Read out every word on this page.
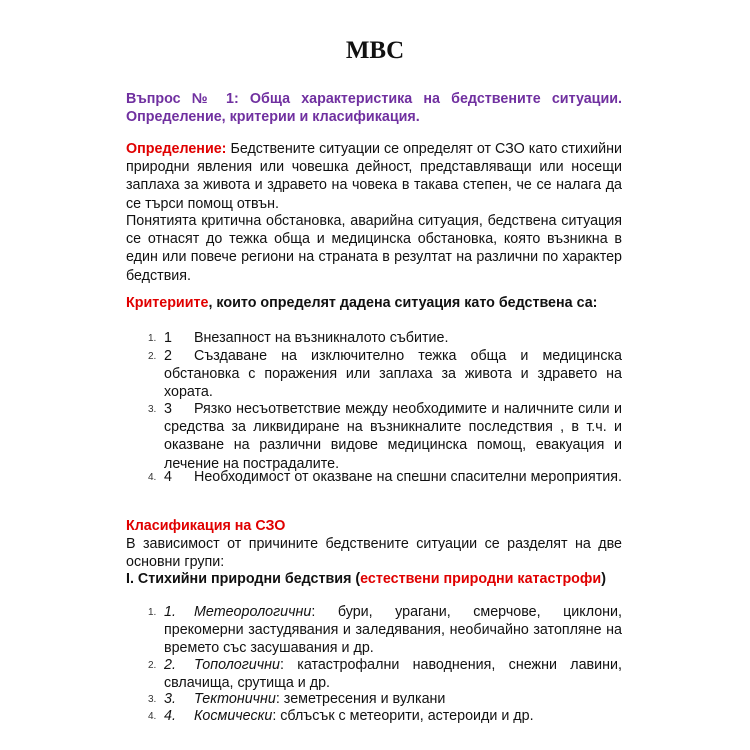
МВС
Въпрос № 1: Обща характеристика на бедствените ситуации. Определение, критерии и класификация.
Определение: Бедствените ситуации се определят от СЗО като стихийни природни явления или човешка дейност, представляващи или носещи заплаха за живота и здравето на човека в такава степен, че се налага да се търси помощ отвън.
Понятията критична обстановка, аварийна ситуация, бедствена ситуация се отнасят до тежка обща и медицинска обстановка, която възникна в един или повече региони на страната в резултат на различни по характер бедствия.
Критериите, които определят дадена ситуация като бедствена са:
1. 1 Внезапност на възникналото събитие.
2. 2 Създаване на изключително тежка обща и медицинска обстановка с поражения или заплаха за живота и здравето на хората.
3. 3 Рязко несъответствие между необходимите и наличните сили и средства за ликвидиране на възникналите последствия , в т.ч. и оказване на различни видове медицинска помощ, евакуация и лечение на пострадалите.
4. 4 Необходимост от оказване на спешни спасителни мероприятия.
Класификация на СЗО
В зависимост от причините бедствените ситуации се разделят на две основни групи:
I. Стихийни природни бедствия (естествени природни катастрофи)
1. 1. Метеорологични: бури, урагани, смерчове, циклони, прекомерни застудявания и заледявания, необичайно затопляне на времето със засушавания и др.
2. 2. Топологични: катастрофални наводнения, снежни лавини, свлачища, срутища и др.
3. 3. Тектонични: земетресения и вулкани
4. 4. Космически: сблъсък с метеорити, астероиди и др.
